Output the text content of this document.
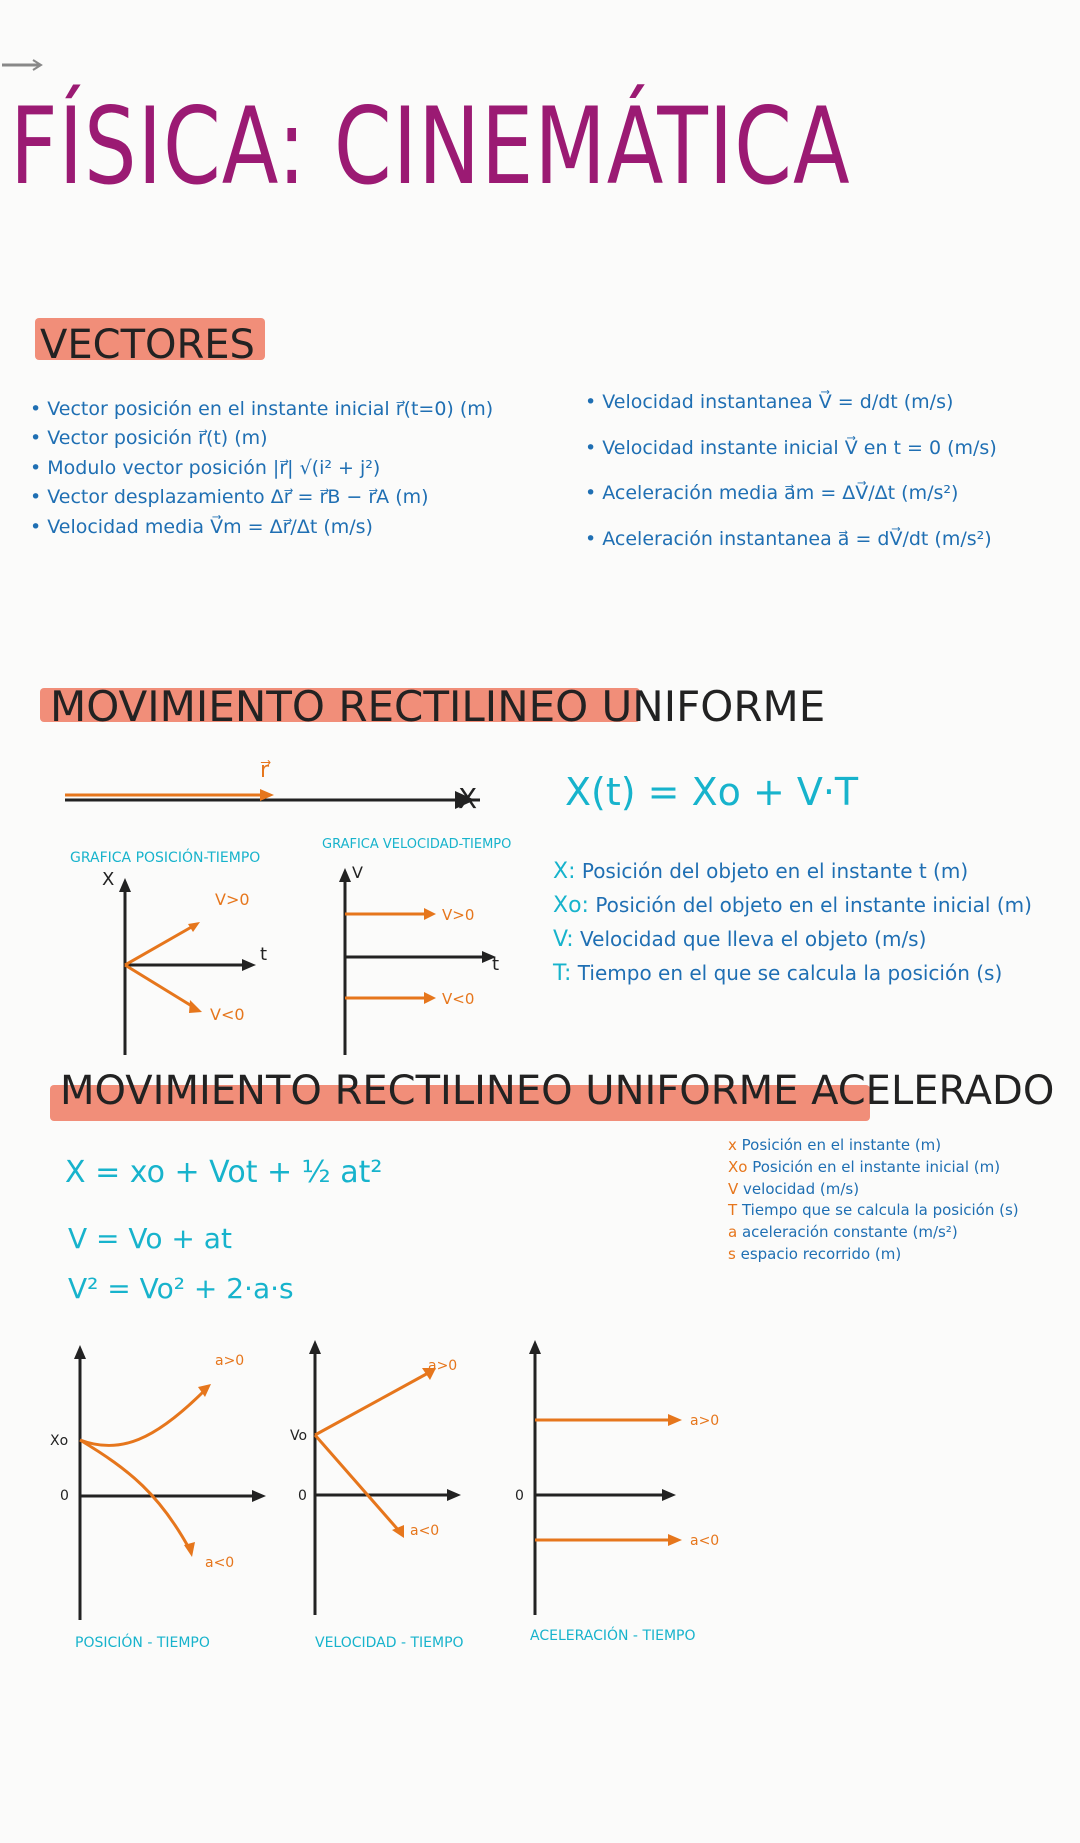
FÍSICA: CINEMÁTICA
VECTORES
• Vector posición en el instante inicial r⃗(t=0) (m)
• Vector posición r⃗(t) (m)
• Modulo vector posición |r⃗| √(i² + j²)
• Vector desplazamiento Δr⃗ = r⃗B − r⃗A (m)
• Velocidad media V⃗m = Δr⃗/Δt (m/s)
• Velocidad instantanea V⃗ = d/dt (m/s)
• Velocidad instante inicial V⃗ en t = 0 (m/s)
• Aceleración media a⃗m = ΔV⃗/Δt (m/s²)
• Aceleración instantanea a⃗ = dV⃗/dt (m/s²)
MOVIMIENTO RECTILINEO UNIFORME
r⃗
X X(t) = Xo + V·T
GRAFICA POSICIÓN-TIEMPO
GRAFICA VELOCIDAD-TIEMPO
X
t
V>0
V<0
V
t
V>0
V<0
X: Posición del objeto en el instante t (m)
Xo: Posición del objeto en el instante inicial (m)
V: Velocidad que lleva el objeto (m/s)
T: Tiempo en el que se calcula la posición (s)
MOVIMIENTO RECTILINEO UNIFORME ACELERADO
X = xo + Vot + ½ at²
V = Vo + at
V² = Vo² + 2·a·s
x Posición en el instante (m)
Xo Posición en el instante inicial (m)
V velocidad (m/s)
T Tiempo que se calcula la posición (s)
a aceleración constante (m/s²)
s espacio recorrido (m)
Xo
0
a>0
a<0
Vo
0
a>0
a<0
0
a>0
a<0
POSICIÓN - TIEMPO	VELOCIDAD - TIEMPO	ACELERACIÓN - TIEMPO
